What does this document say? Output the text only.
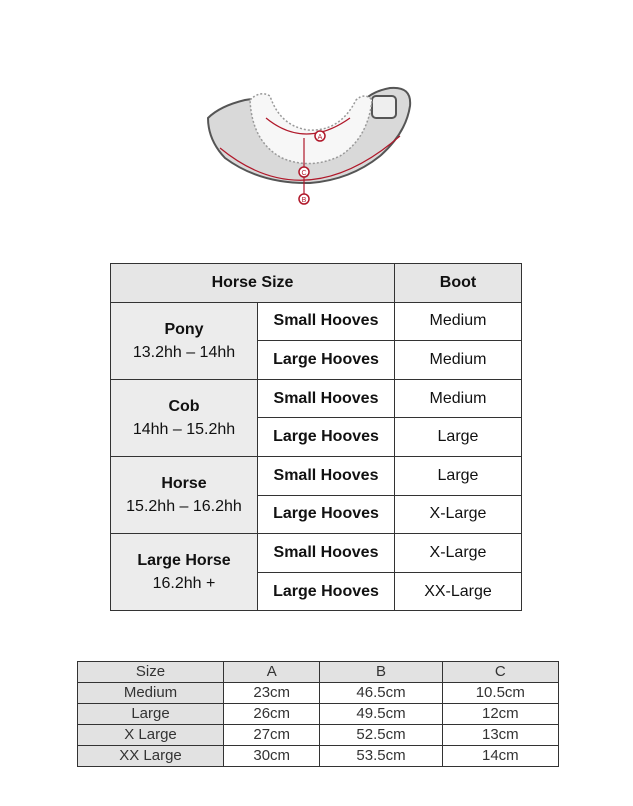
A
C
B
Horse Size		Boot

Pony
13.2hh – 14hh	Small Hooves	Medium
	Large Hooves	Medium

Cob
14hh – 15.2hh	Small Hooves	Medium
	Large Hooves	Large

Horse
15.2hh – 16.2hh	Small Hooves	Large
	Large Hooves	X-Large

Large Horse
16.2hh +	Small Hooves	X-Large
	Large Hooves	XX-Large
Size	A	B	C
Medium	23cm	46.5cm	10.5cm
Large	26cm	49.5cm	12cm
X Large	27cm	52.5cm	13cm
XX Large	30cm	53.5cm	14cm
